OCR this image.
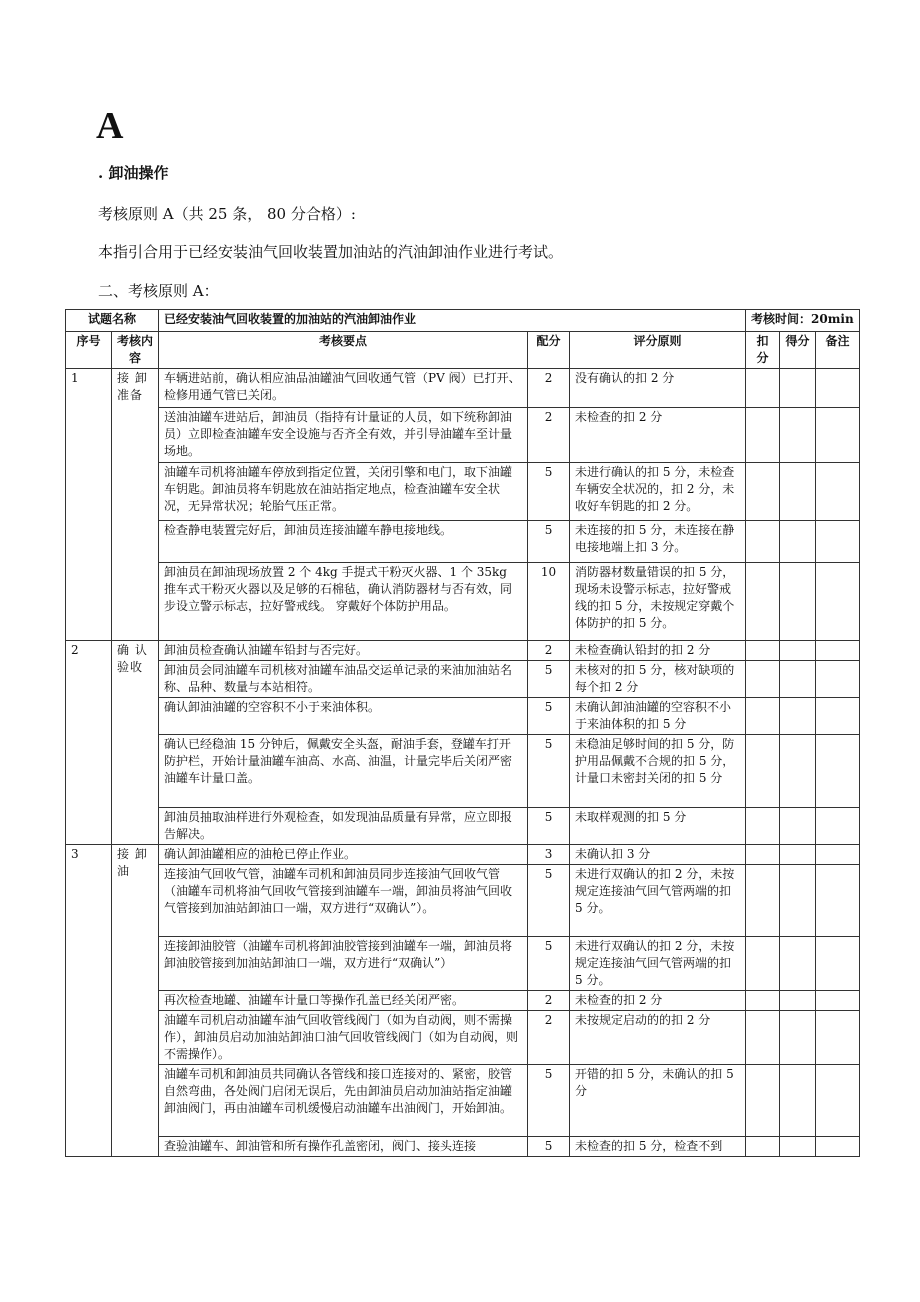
A
. 卸油操作
考核原则 A（共 25 条， 80 分合格）:
本指引合用于已经安装油气回收装置加油站的汽油卸油作业进行考试。
二、考核原则 A：
试题名称		已经安装油气回收装置的加油站的汽油卸油作业			考核时间：20min		
序号	考核内容	考核要点	配分	评分原则	扣分	得分	备注
1	接 卸 准备	车辆进站前，确认相应油品油罐油气回收通气管（PV 阀）已打开、检修用通气管已关闭。	2	没有确认的扣 2 分			
		送油油罐车进站后，卸油员（指持有计量证的人员，如下统称卸油员）立即检查油罐车安全设施与否齐全有效，并引导油罐车至计量场地。	2	未检查的扣 2 分			
		油罐车司机将油罐车停放到指定位置，关闭引擎和电门，取下油罐车钥匙。卸油员将车钥匙放在油站指定地点，检查油罐车安全状况，无异常状况；轮胎气压正常。	5	未进行确认的扣 5 分，未检查车辆安全状况的，扣 2 分，未收好车钥匙的扣 2 分。			
		检查静电装置完好后，卸油员连接油罐车静电接地线。	5	未连接的扣 5 分，未连接在静电接地端上扣 3 分。			
		卸油员在卸油现场放置 2 个 4kg 手提式干粉灭火器、1 个 35kg 推车式干粉灭火器以及足够的石棉毡，确认消防器材与否有效，同步设立警示标志，拉好警戒线。 穿戴好个体防护用品。	10	消防器材数量错误的扣 5 分，现场未设警示标志，拉好警戒线的扣 5 分，未按规定穿戴个体防护的扣 5 分。			
2	确 认 验收	卸油员检查确认油罐车铅封与否完好。	2	未检查确认铅封的扣 2 分			
		卸油员会同油罐车司机核对油罐车油品交运单记录的来油加油站名称、品种、数量与本站相符。	5	未核对的扣 5 分，核对缺项的每个扣 2 分			
		确认卸油油罐的空容积不小于来油体积。	5	未确认卸油油罐的空容积不小于来油体积的扣 5 分			
		确认已经稳油 15 分钟后，佩戴安全头盔，耐油手套，登罐车打开防护栏，开始计量油罐车油高、水高、油温，计量完毕后关闭严密油罐车计量口盖。	5	未稳油足够时间的扣 5 分，防护用品佩戴不合规的扣 5 分，计量口未密封关闭的扣 5 分			
		卸油员抽取油样进行外观检查，如发现油品质量有异常，应立即报告解决。	5	未取样观测的扣 5 分			
3	接 卸 油	确认卸油罐相应的油枪已停止作业。	3	未确认扣 3 分			
		连接油气回收气管，油罐车司机和卸油员同步连接油气回收气管（油罐车司机将油气回收气管接到油罐车一端，卸油员将油气回收气管接到加油站卸油口一端，双方进行“双确认”）。	5	未进行双确认的扣 2 分，未按规定连接油气回气管两端的扣 5 分。			
		连接卸油胶管（油罐车司机将卸油胶管接到油罐车一端，卸油员将卸油胶管接到加油站卸油口一端，双方进行“双确认”）	5	未进行双确认的扣 2 分，未按规定连接油气回气管两端的扣 5 分。			
		再次检查地罐、油罐车计量口等操作孔盖已经关闭严密。	2	未检查的扣 2 分			
		油罐车司机启动油罐车油气回收管线阀门（如为自动阀，则不需操作），卸油员启动加油站卸油口油气回收管线阀门（如为自动阀，则不需操作）。	2	未按规定启动的的扣 2 分			
		油罐车司机和卸油员共同确认各管线和接口连接对的、紧密，胶管自然弯曲，各处阀门启闭无误后，先由卸油员启动加油站指定油罐卸油阀门，再由油罐车司机缓慢启动油罐车出油阀门，开始卸油。	5	开错的扣 5 分，未确认的扣 5 分			
		查验油罐车、卸油管和所有操作孔盖密闭，阀门、接头连接	5	未检查的扣 5 分，检查不到			
